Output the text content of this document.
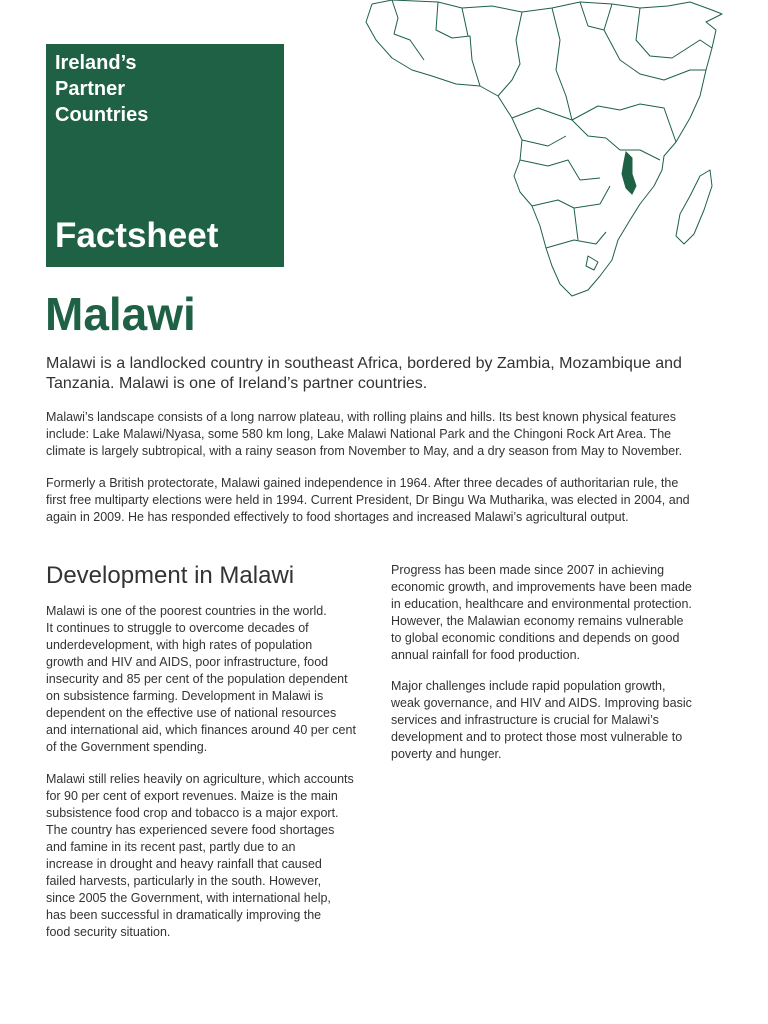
Ireland’s
Partner
Countries
Factsheet
Malawi

Malawi is a landlocked country in southeast Africa, bordered by Zambia, Mozambique and
Tanzania. Malawi is one of Ireland’s partner countries.

Malawi’s landscape consists of a long narrow plateau, with rolling plains and hills. Its best known physical features
include: Lake Malawi/Nyasa, some 580 km long, Lake Malawi National Park and the Chingoni Rock Art Area. The
climate is largely subtropical, with a rainy season from November to May, and a dry season from May to November.

Formerly a British protectorate, Malawi gained independence in 1964. After three decades of authoritarian rule, the
first free multiparty elections were held in 1994. Current President, Dr Bingu Wa Mutharika, was elected in 2004, and
again in 2009. He has responded effectively to food shortages and increased Malawi’s agricultural output.

Development in Malawi

Malawi is one of the poorest countries in the world.
It continues to struggle to overcome decades of
underdevelopment, with high rates of population
growth and HIV and AIDS, poor infrastructure, food
insecurity and 85 per cent of the population dependent
on subsistence farming. Development in Malawi is
dependent on the effective use of national resources
and international aid, which finances around 40 per cent
of the Government spending.

Malawi still relies heavily on agriculture, which accounts
for 90 per cent of export revenues. Maize is the main
subsistence food crop and tobacco is a major export.
The country has experienced severe food shortages
and famine in its recent past, partly due to an
increase in drought and heavy rainfall that caused
failed harvests, particularly in the south. However,
since 2005 the Government, with international help,
has been successful in dramatically improving the
food security situation.

Progress has been made since 2007 in achieving
economic growth, and improvements have been made
in education, healthcare and environmental protection.
However, the Malawian economy remains vulnerable
to global economic conditions and depends on good
annual rainfall for food production.

Major challenges include rapid population growth,
weak governance, and HIV and AIDS. Improving basic
services and infrastructure is crucial for Malawi’s
development and to protect those most vulnerable to
poverty and hunger.
